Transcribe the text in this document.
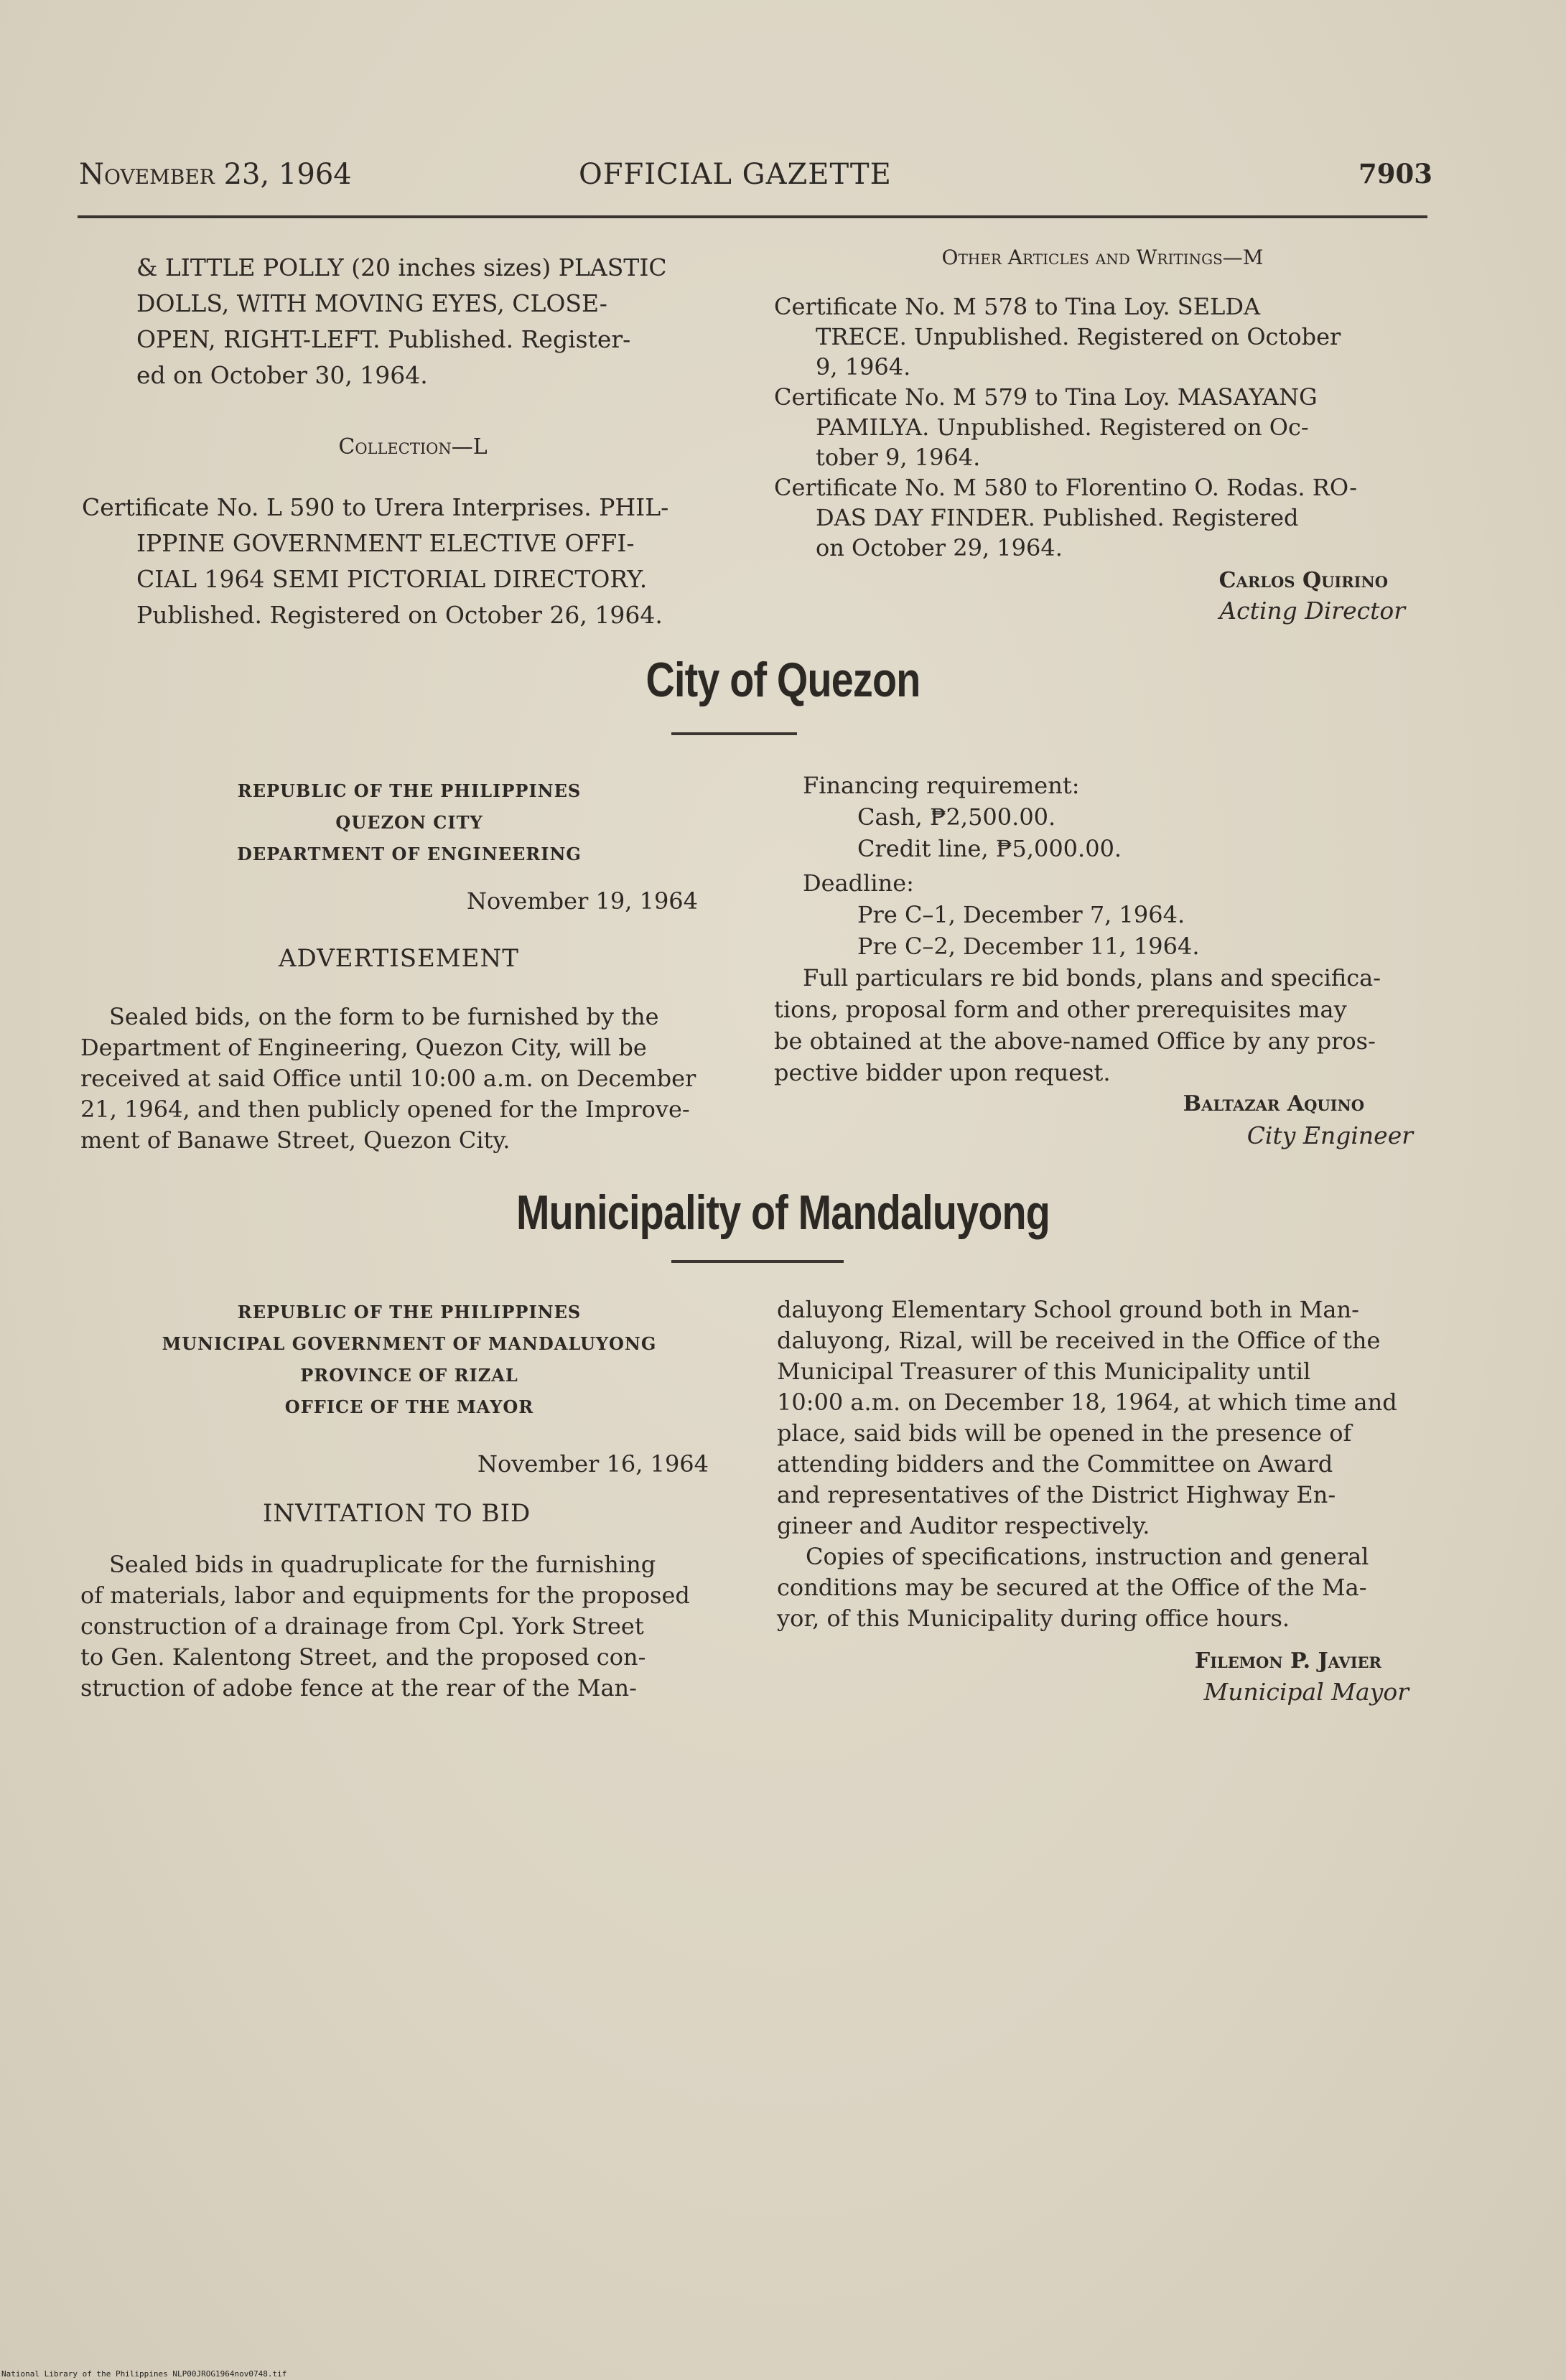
November 23, 1964	OFFICIAL GAZETTE	7903
& LITTLE POLLY (20 inches sizes) PLASTIC
DOLLS, WITH MOVING EYES, CLOSE-
OPEN, RIGHT-LEFT. Published. Register-
ed on October 30, 1964.
Collection—L
Certificate No. L 590 to Urera Interprises. PHIL-
IPPINE GOVERNMENT ELECTIVE OFFI-
CIAL 1964 SEMI PICTORIAL DIRECTORY.
Published. Registered on October 26, 1964.
Other Articles and Writings—M
Certificate No. M 578 to Tina Loy. SELDA
TRECE. Unpublished. Registered on October
9, 1964.
Certificate No. M 579 to Tina Loy. MASAYANG
PAMILYA. Unpublished. Registered on Oc-
tober 9, 1964.
Certificate No. M 580 to Florentino O. Rodas. RO-
DAS DAY FINDER. Published. Registered
on October 29, 1964.
Carlos Quirino
Acting Director
City of Quezon
REPUBLIC OF THE PHILIPPINES
QUEZON CITY
DEPARTMENT OF ENGINEERING
November 19, 1964
ADVERTISEMENT
Sealed bids, on the form to be furnished by the
Department of Engineering, Quezon City, will be
received at said Office until 10:00 a.m. on December
21, 1964, and then publicly opened for the Improve-
ment of Banawe Street, Quezon City.
Financing requirement:
Cash, ₱2,500.00.
Credit line, ₱5,000.00.
Deadline:
Pre C–1, December 7, 1964.
Pre C–2, December 11, 1964.
Full particulars re bid bonds, plans and specifica-
tions, proposal form and other prerequisites may
be obtained at the above-named Office by any pros-
pective bidder upon request.
Baltazar Aquino
City Engineer
Municipality of Mandaluyong
REPUBLIC OF THE PHILIPPINES
MUNICIPAL GOVERNMENT OF MANDALUYONG
PROVINCE OF RIZAL
OFFICE OF THE MAYOR
November 16, 1964
INVITATION TO BID
Sealed bids in quadruplicate for the furnishing
of materials, labor and equipments for the proposed
construction of a drainage from Cpl. York Street
to Gen. Kalentong Street, and the proposed con-
struction of adobe fence at the rear of the Man-
daluyong Elementary School ground both in Man-
daluyong, Rizal, will be received in the Office of the
Municipal Treasurer of this Municipality until
10:00 a.m. on December 18, 1964, at which time and
place, said bids will be opened in the presence of
attending bidders and the Committee on Award
and representatives of the District Highway En-
gineer and Auditor respectively.
Copies of specifications, instruction and general
conditions may be secured at the Office of the Ma-
yor, of this Municipality during office hours.
Filemon P. Javier
Municipal Mayor
National Library of the Philippines NLP00JROG1964nov0748.tif
